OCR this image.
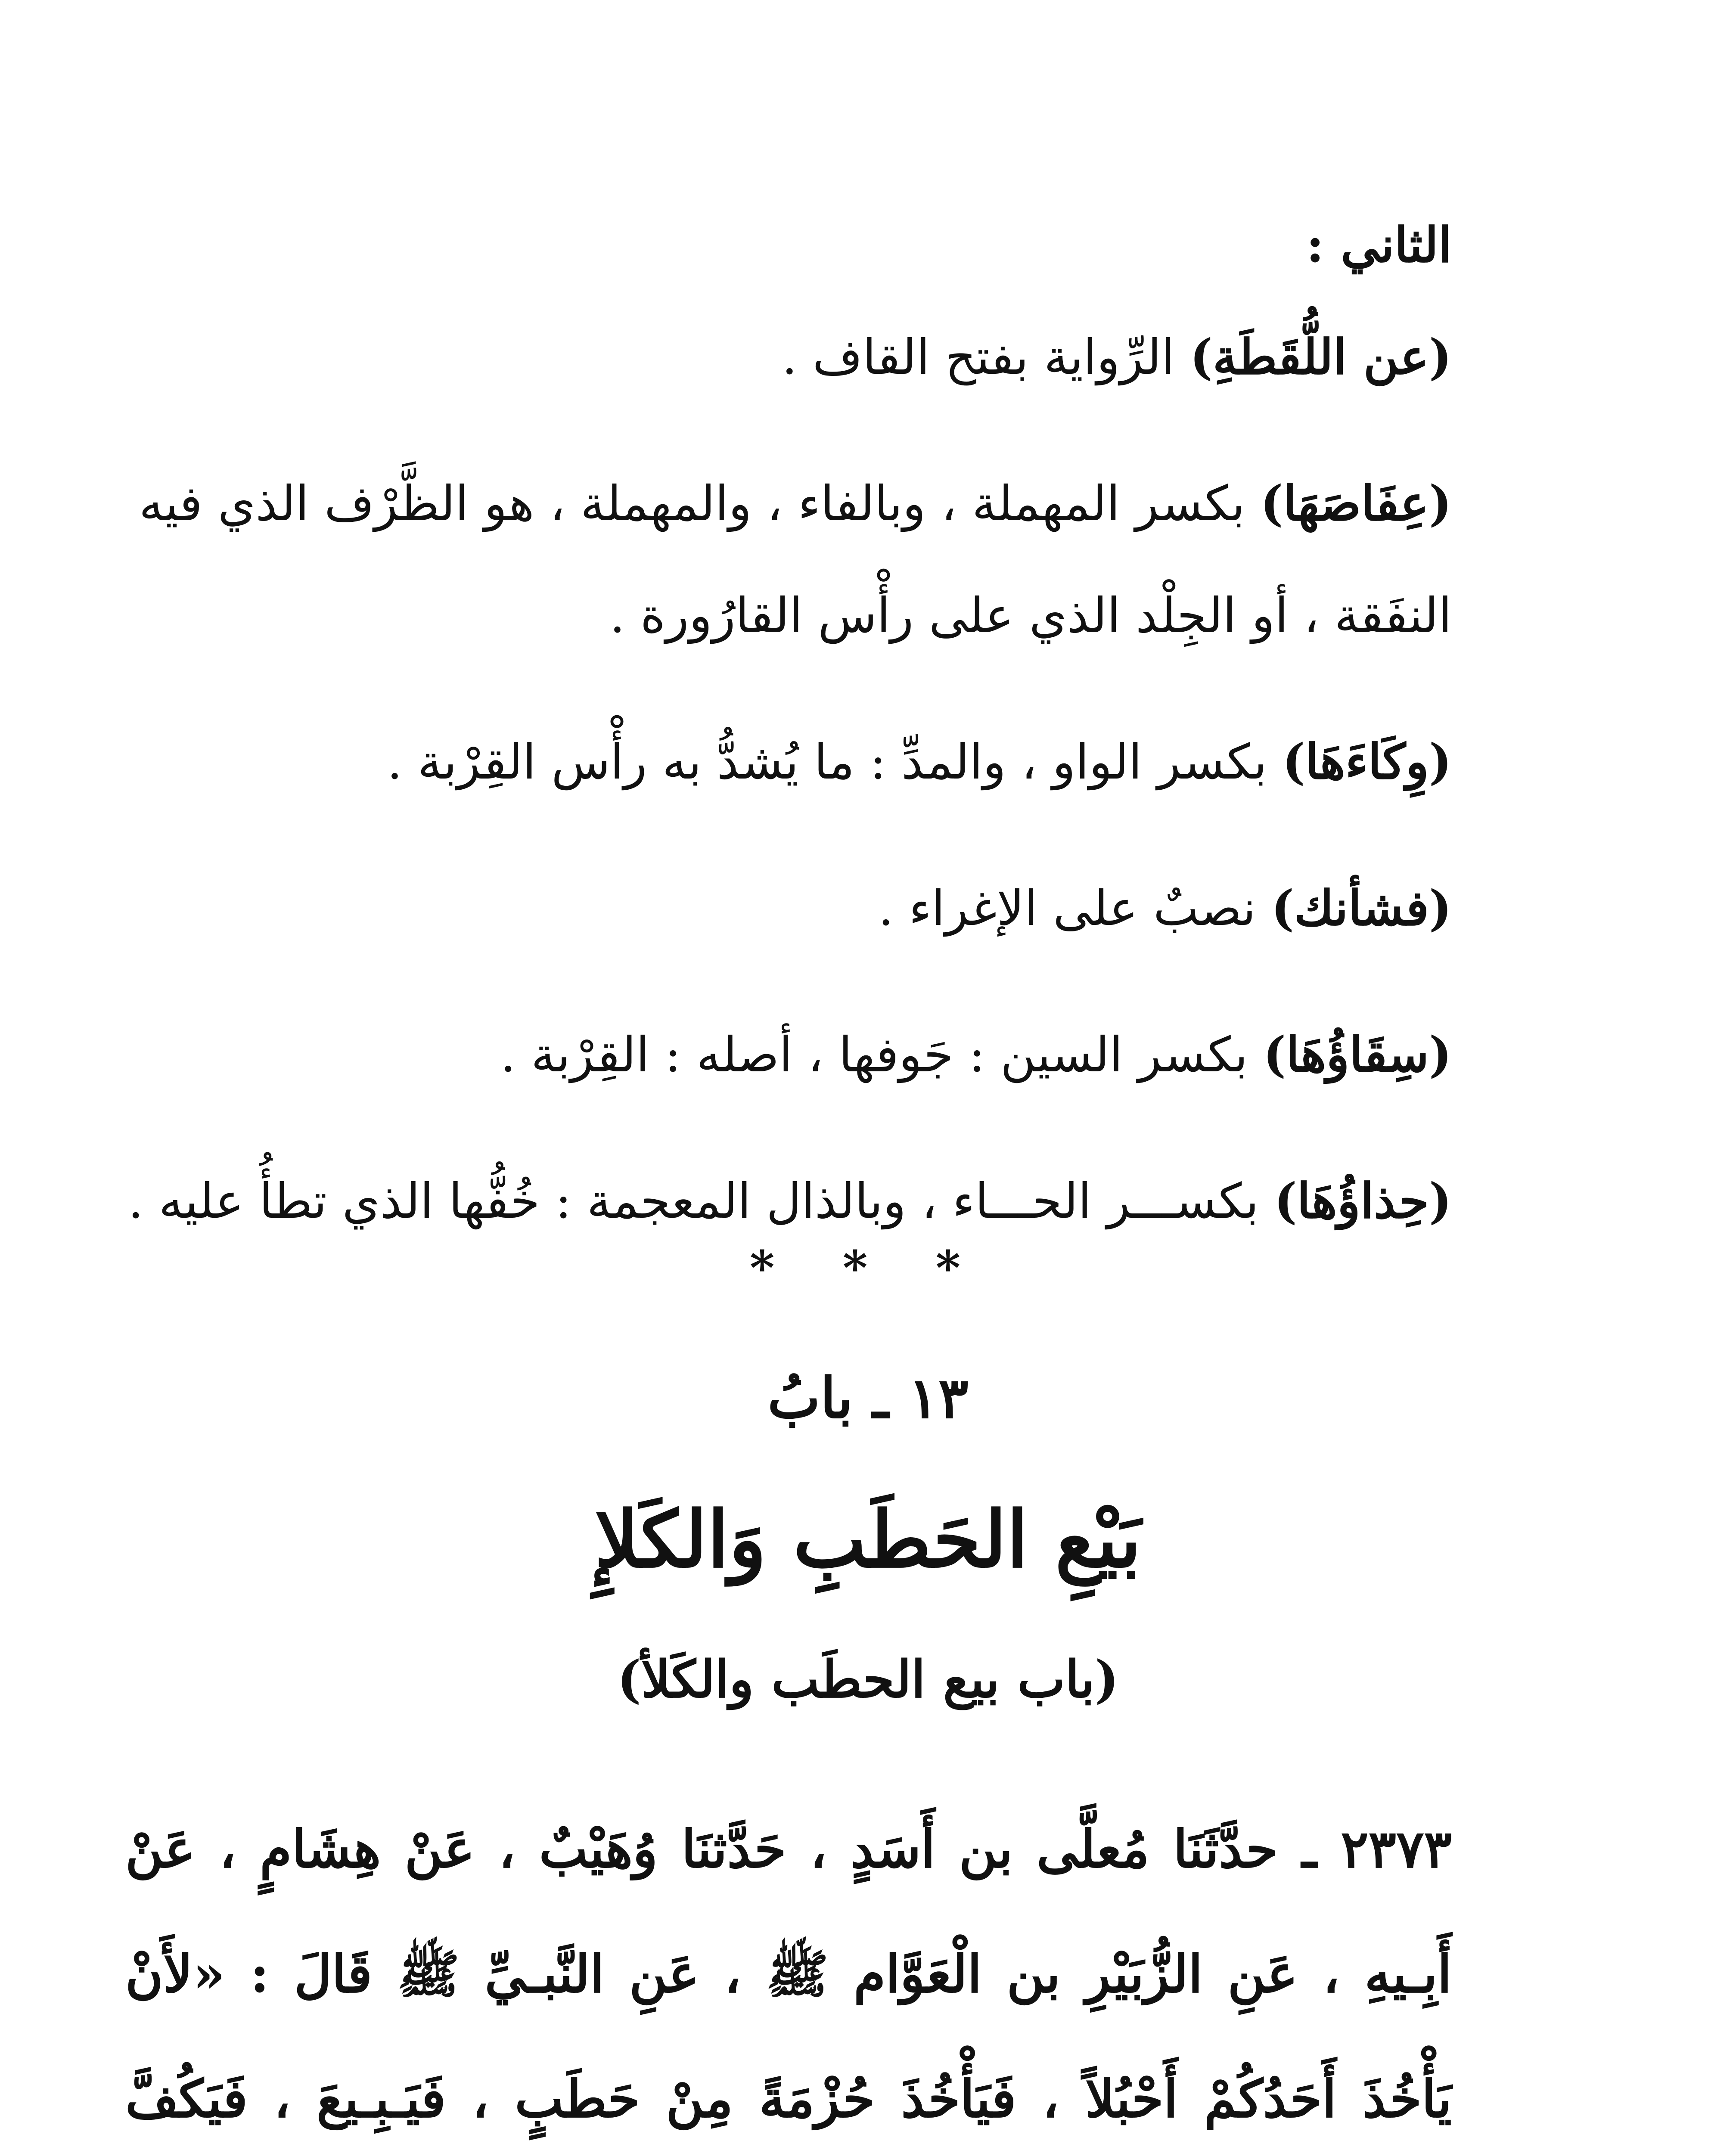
الثاني :

(عن اللُّقَطَةِ) الرِّواية بفتح القاف .

(عِفَاصَهَا) بكسر المهملة ، وبالفاء ، والمهملة ، هو الظَّرْف الذي فيه النفَقة ، أو الجِلْد الذي على رأْس القارُورة .

(وِكَاءَهَا) بكسر الواو ، والمدِّ : ما يُشدُّ به رأْس القِرْبة .

(فشأنك) نصبٌ على الإغراء .

(سِقَاؤُهَا) بكسر السين : جَوفها ، أصله : القِرْبة .

(حِذاؤُهَا) بكســـر الحـــاء ، وبالذال المعجمة : خُفُّها الذي تطأُ عليه .

* * *
١٣ ـ بابُ
بَيْعِ الحَطَبِ وَالكَلإِ
(باب بيع الحطَب والكَلأ)
٢٣٧٣ ـ حدَّثَنَا مُعلَّى بن أَسَدٍ ، حَدَّثنَا وُهَيْبٌ ، عَنْ هِشَامٍ ، عَنْ أَبِـيهِ ، عَنِ الزُّبَيْرِ بن الْعَوَّام ﷺ ، عَنِ النَّبـيِّ ﷺ قَالَ : «لأَنْ يَأْخُذَ أَحَدُكُمْ أَحْبُلاً ، فَيَأْخُذَ حُزْمَةً مِنْ حَطَبٍ ، فَيَـبِـيعَ ، فَيَكُفَّ
